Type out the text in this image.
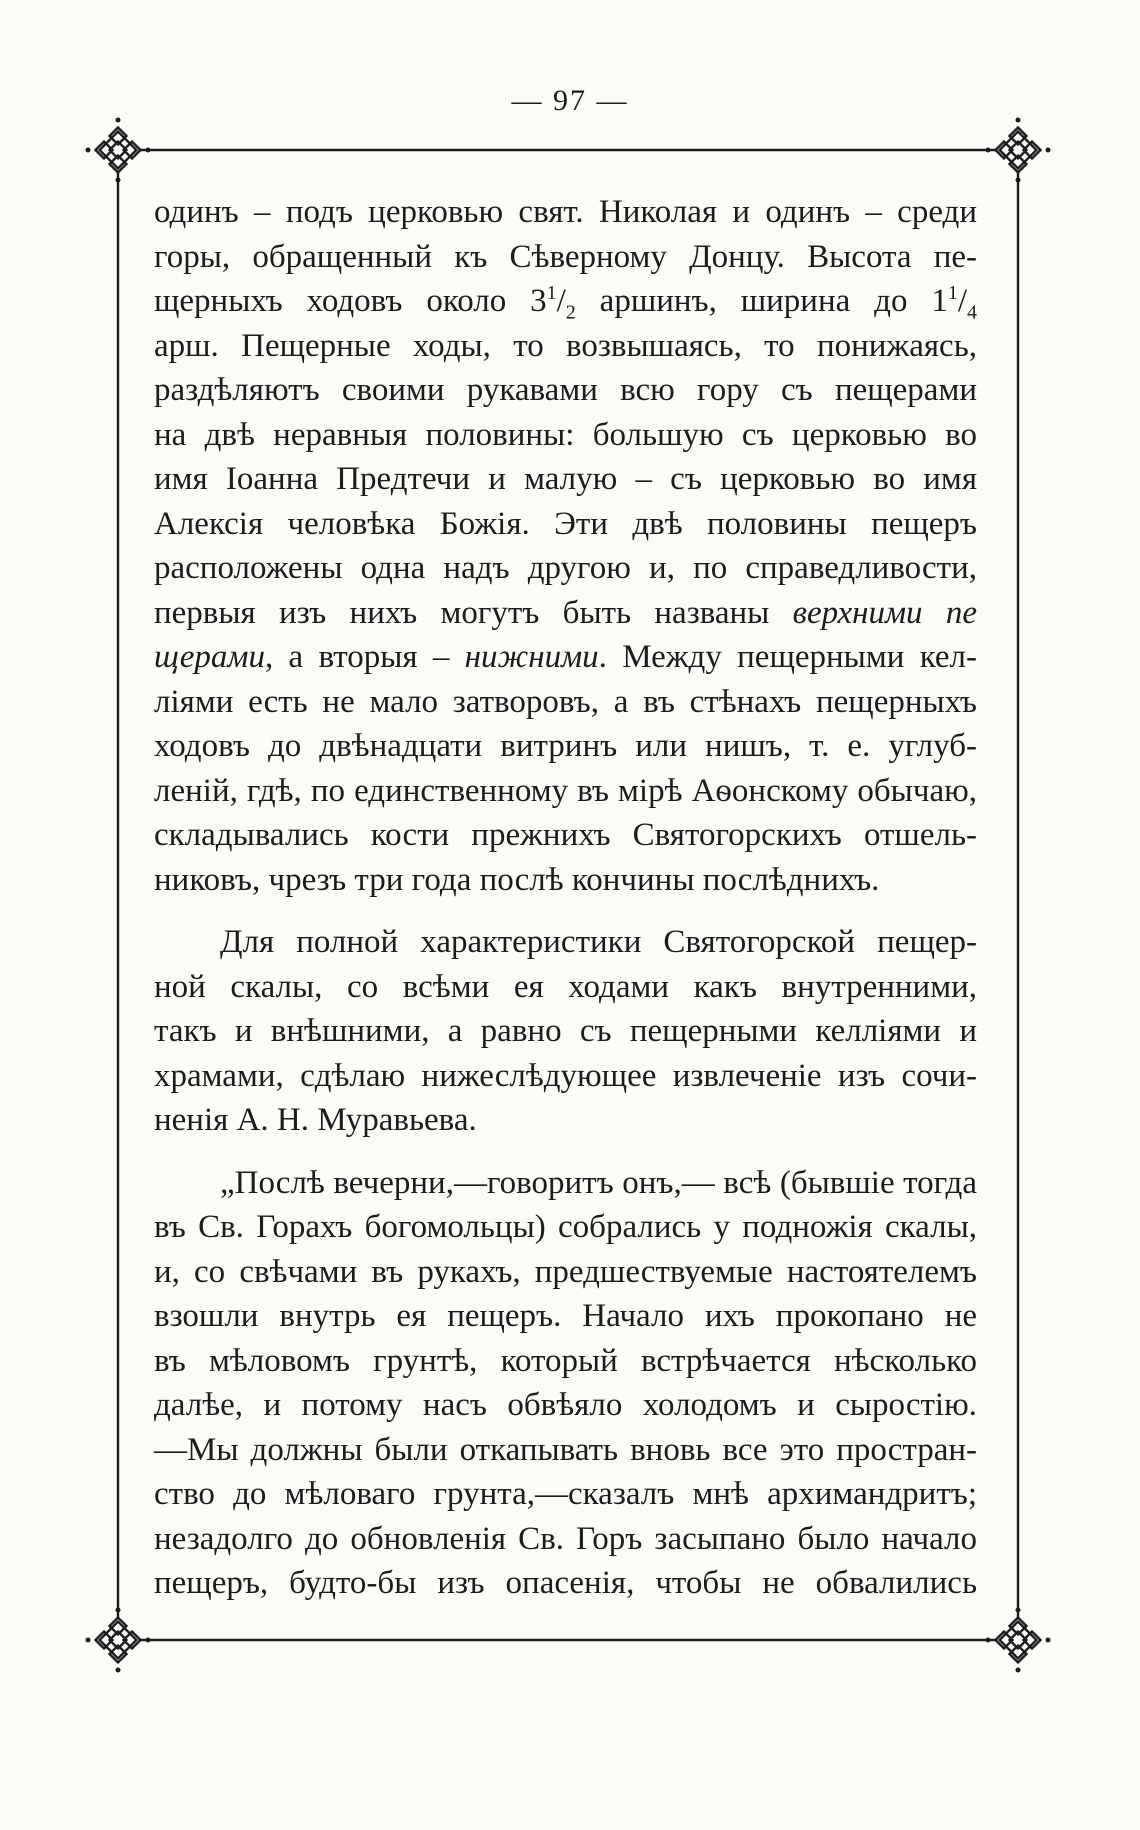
— 97 —
одинъ – подъ церковью свят. Николая и одинъ – среди
горы, обращенный къ Сѣверному Донцу. Высота пе-
щерныхъ ходовъ около $3^1/_2$ аршинъ, ширина до $1^1/_4$
арш. Пещерные ходы, то возвышаясь, то понижаясь,
раздѣляютъ своими рукавами всю гору съ пещерами
на двѣ неравныя половины: большую съ церковью во
имя Іоанна Предтечи и малую – съ церковью во имя
Алексія человѣка Божія. Эти двѣ половины пещеръ
расположены одна надъ другою и, по справедливости,
первыя изъ нихъ могутъ быть названы верхними пе
щерами, а вторыя – нижними. Между пещерными кел-
ліями есть не мало затворовъ, а въ стѣнахъ пещерныхъ
ходовъ до двѣнадцати витринъ или нишъ, т. е. углуб-
леній, гдѣ, по единственному въ мірѣ Аѳонскому обычаю,
складывались кости прежнихъ Святогорскихъ отшель-
никовъ, чрезъ три года послѣ кончины послѣднихъ.
Для полной характеристики Святогорской пещер-
ной скалы, со всѣми ея ходами какъ внутренними,
такъ и внѣшними, а равно съ пещерными келліями и
храмами, сдѣлаю нижеслѣдующее извлеченіе изъ сочи-
ненія А. Н. Муравьева.
„Послѣ вечерни,—говоритъ онъ,— всѣ (бывшіе тогда
въ Св. Горахъ богомольцы) собрались у подножія скалы,
и, со свѣчами въ рукахъ, предшествуемые настоятелемъ
взошли внутрь ея пещеръ. Начало ихъ прокопано не
въ мѣловомъ грунтѣ, который встрѣчается нѣсколько
далѣе, и потому насъ обвѣяло холодомъ и сыростію.
—Мы должны были откапывать вновь все это простран-
ство до мѣловаго грунта,—сказалъ мнѣ архимандритъ;
незадолго до обновленія Св. Горъ засыпано было начало
пещеръ, будто-бы изъ опасенія, чтобы не обвалились
